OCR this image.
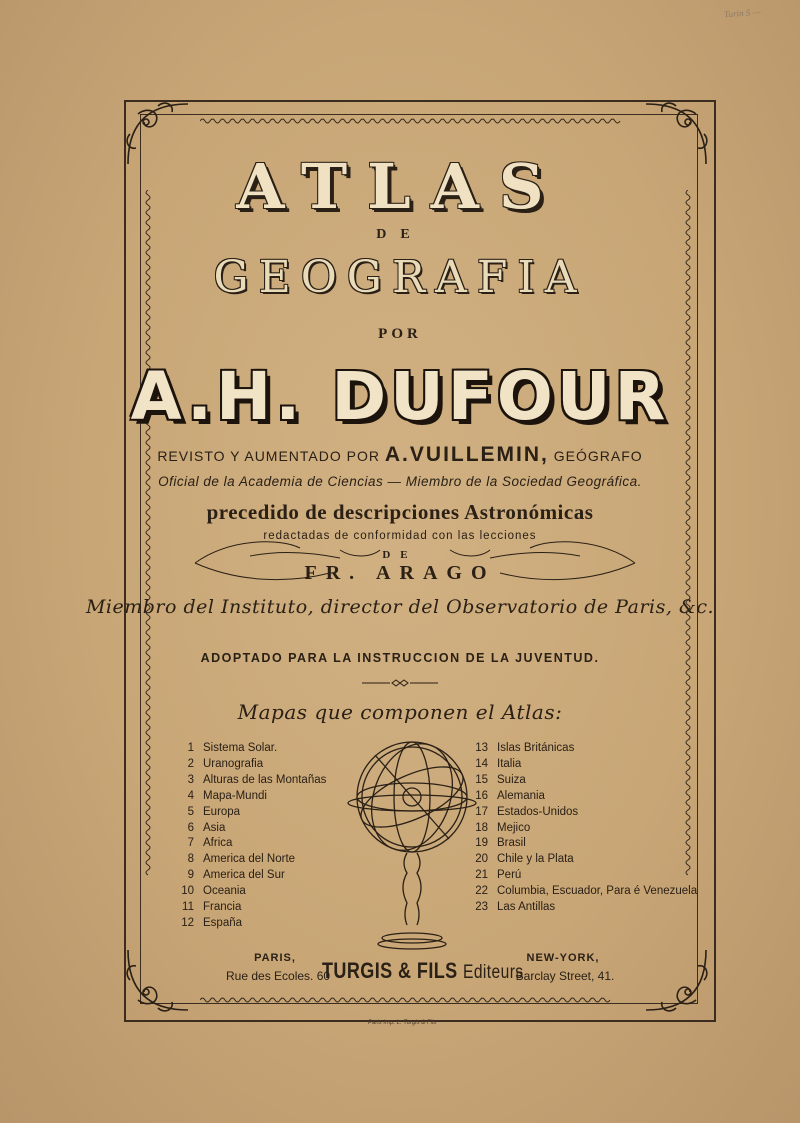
Turin 5 —
ATLAS
DE
GEOGRAFIA
POR
A.H. DUFOUR
REVISTO Y AUMENTADO POR A.VUILLEMIN, GEÓGRAFO
Oficial de la Academia de Ciencias — Miembro de la Sociedad Geográfica.
precedido de descripciones Astronómicas
redactadas de conformidad con las lecciones
DE
FR. ARAGO
Miembro del Instituto, director del Observatorio de Paris, &c.
ADOPTADO PARA LA INSTRUCCION DE LA JUVENTUD.
Mapas que componen el Atlas:
1 Sistema Solar.
2 Uranografia
3 Alturas de las Montañas
4 Mapa-Mundi
5 Europa
6 Asia
7 Africa
8 America del Norte
9 America del Sur
10 Oceania
11 Francia
12 España
13 Islas Británicas
14 Italia
15 Suiza
16 Alemania
17 Estados-Unidos
18 Mejico
19 Brasil
20 Chile y la Plata
21 Perú
22 Columbia, Escuador, Para é Venezuela
23 Las Antillas
PARIS,
Rue des Ecoles. 60
TURGIS & FILS Editeurs
NEW-YORK,
Barclay Street, 41.
Paris Imp. L. Turgis & Fils
